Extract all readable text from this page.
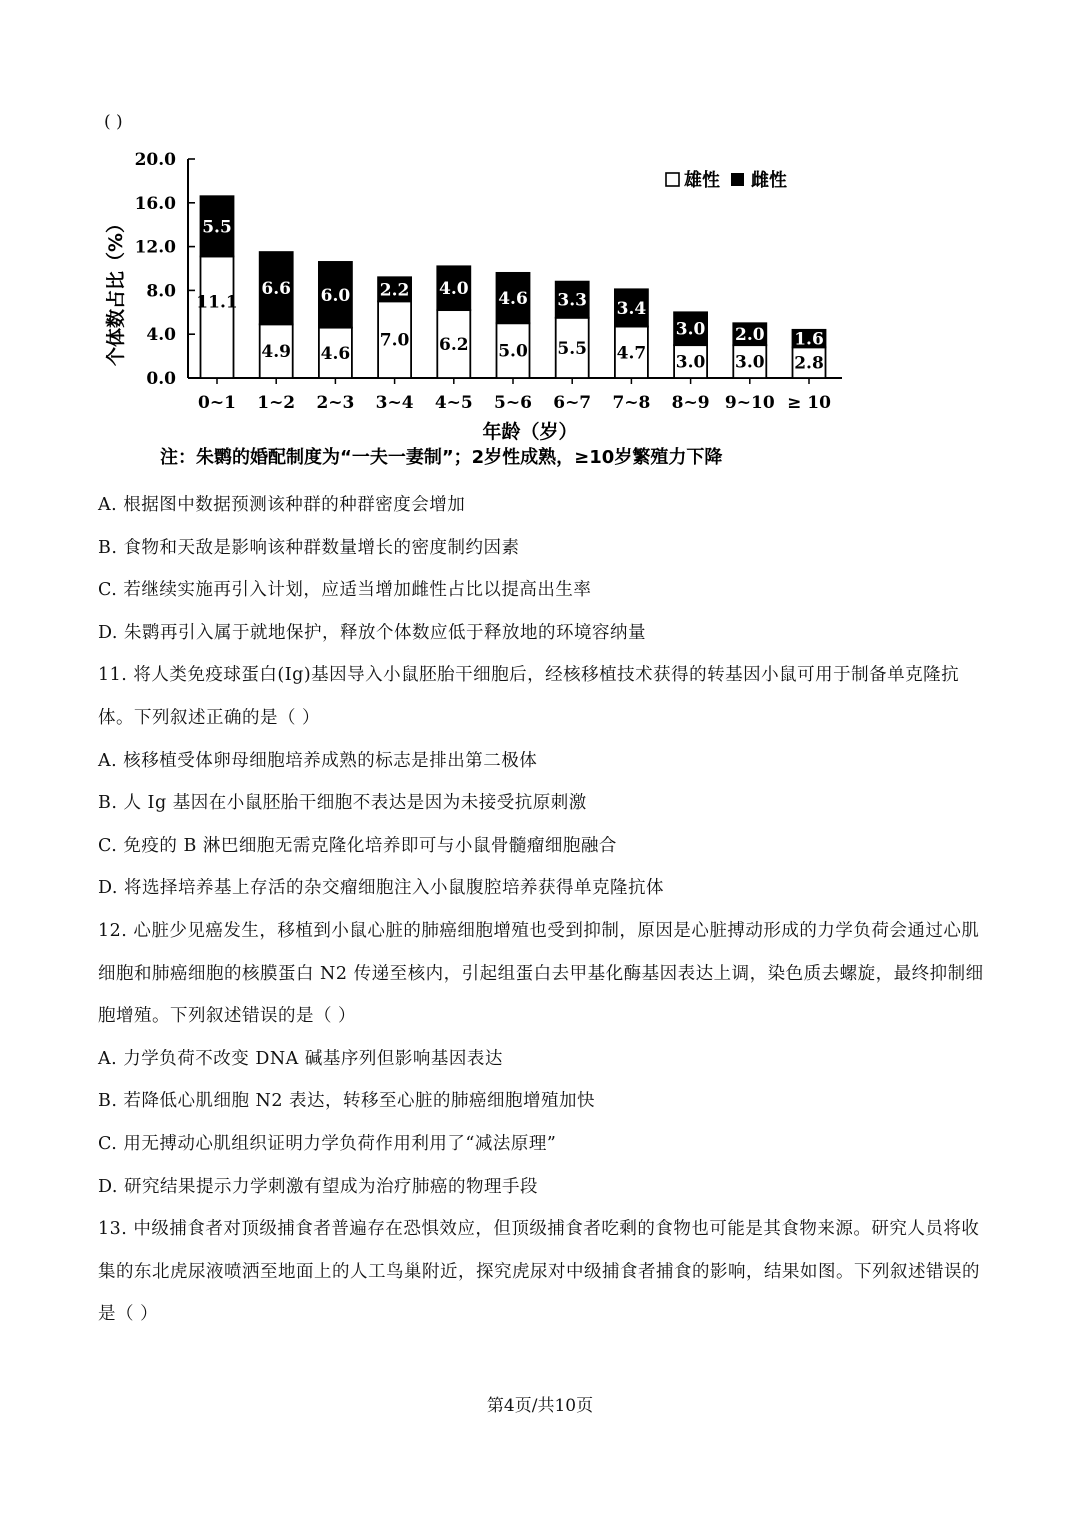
( )
0.0
4.0
8.0
12.0
16.0
20.0
11.1
5.5
0~1
4.9
6.6
1~2
4.6
6.0
2~3
7.0
2.2
3~4
6.2
4.0
4~5
5.0
4.6
5~6
5.5
3.3
6~7
4.7
3.4
7~8
3.0
3.0
8~9
3.0
2.0
9~10
2.8
1.6
≥ 10
个体数占比（%）
年龄（岁）
雄性 雌性
注：朱鹮的婚配制度为“一夫一妻制”；2岁性成熟，≥10岁繁殖力下降

A. 根据图中数据预测该种群的种群密度会增加

B. 食物和天敌是影响该种群数量增长的密度制约因素

C. 若继续实施再引入计划，应适当增加雌性占比以提高出生率

D. 朱鹮再引入属于就地保护，释放个体数应低于释放地的环境容纳量

11. 将人类免疫球蛋白(Ig)基因导入小鼠胚胎干细胞后，经核移植技术获得的转基因小鼠可用于制备单克隆抗体。下列叙述正确的是（ ）

A. 核移植受体卵母细胞培养成熟的标志是排出第二极体

B. 人 Ig 基因在小鼠胚胎干细胞不表达是因为未接受抗原刺激

C. 免疫的 B 淋巴细胞无需克隆化培养即可与小鼠骨髓瘤细胞融合

D. 将选择培养基上存活的杂交瘤细胞注入小鼠腹腔培养获得单克隆抗体

12. 心脏少见癌发生，移植到小鼠心脏的肺癌细胞增殖也受到抑制，原因是心脏搏动形成的力学负荷会通过心肌细胞和肺癌细胞的核膜蛋白 N2 传递至核内，引起组蛋白去甲基化酶基因表达上调，染色质去螺旋，最终抑制细胞增殖。下列叙述错误的是（ ）

A. 力学负荷不改变 DNA 碱基序列但影响基因表达

B. 若降低心肌细胞 N2 表达，转移至心脏的肺癌细胞增殖加快

C. 用无搏动心肌组织证明力学负荷作用利用了“减法原理”

D. 研究结果提示力学刺激有望成为治疗肺癌的物理手段

13. 中级捕食者对顶级捕食者普遍存在恐惧效应，但顶级捕食者吃剩的食物也可能是其食物来源。研究人员将收集的东北虎尿液喷洒至地面上的人工鸟巢附近，探究虎尿对中级捕食者捕食的影响，结果如图。下列叙述错误的是（ ）

第4页/共10页
